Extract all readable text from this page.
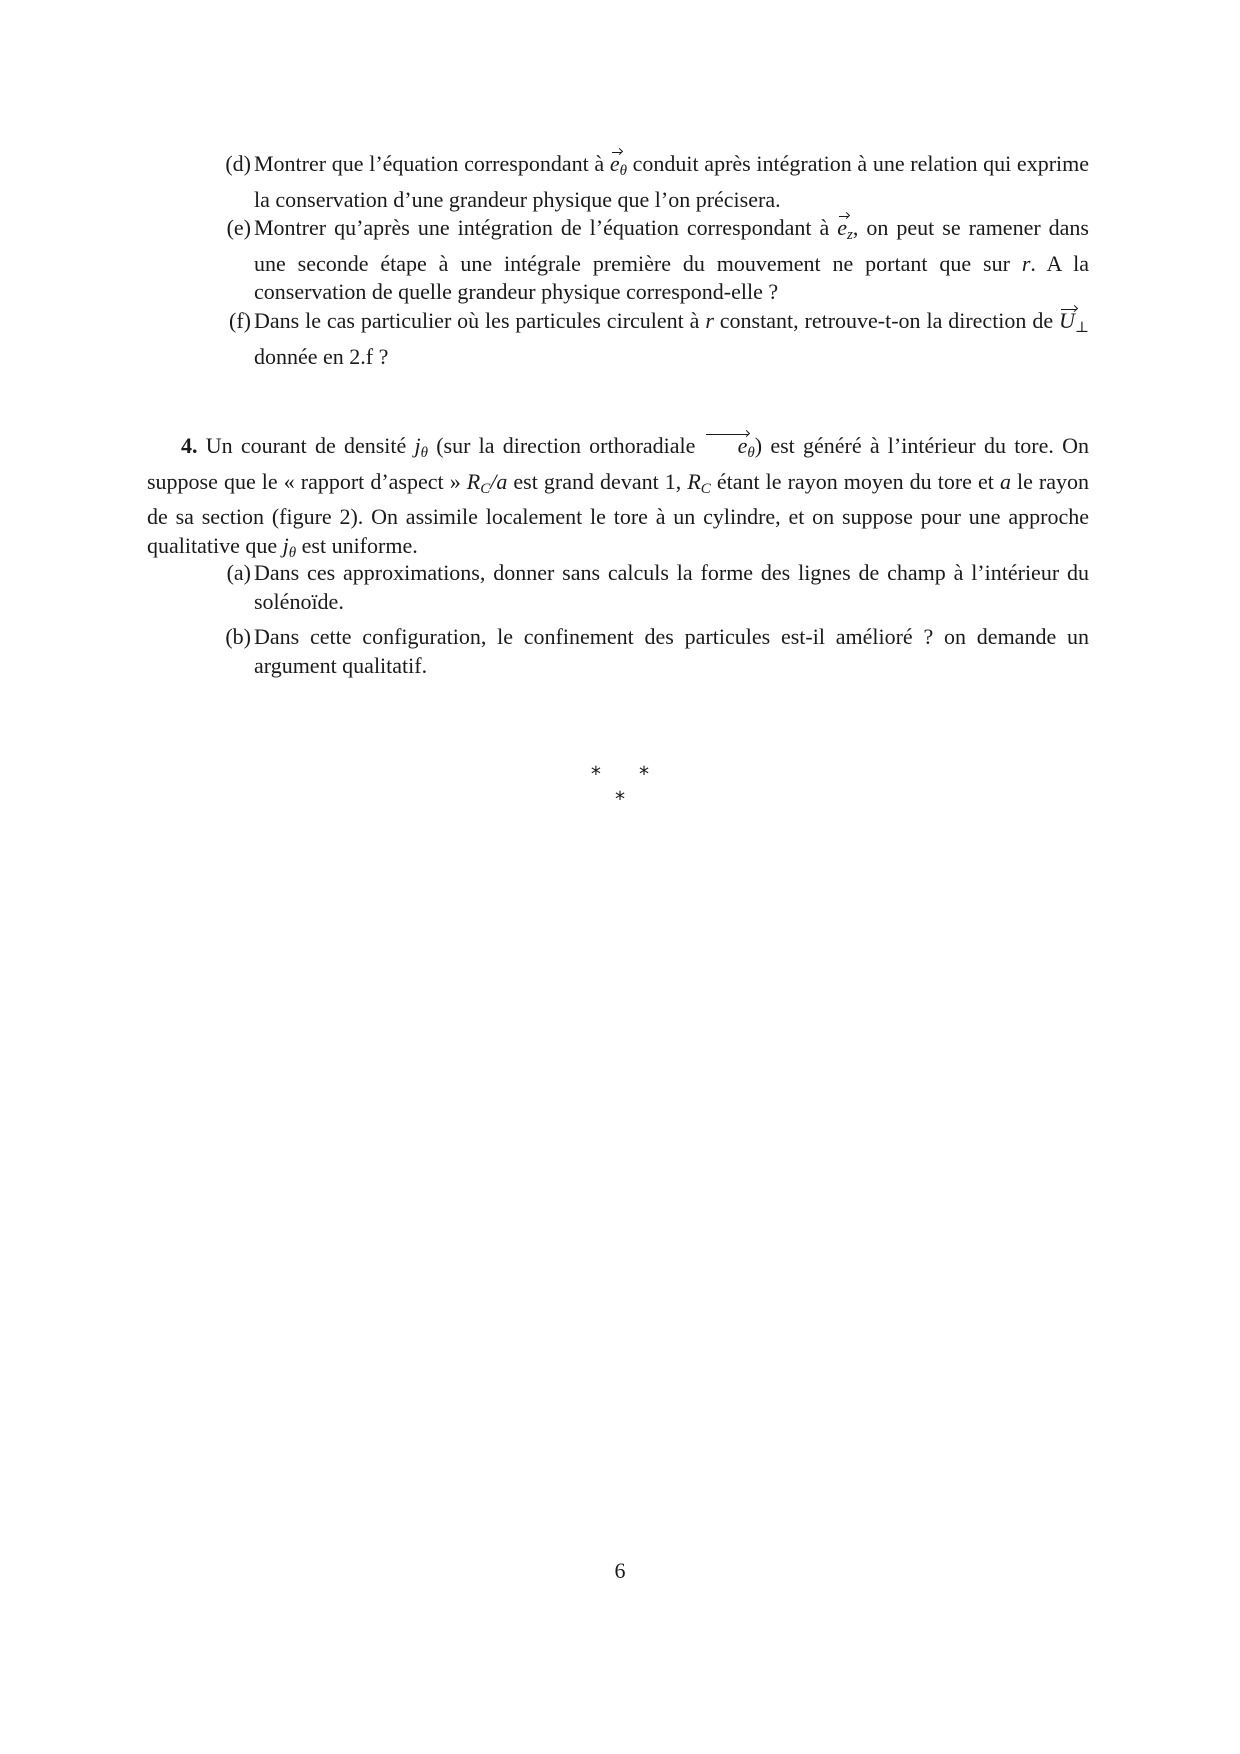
(d) Montrer que l’équation correspondant à $e_\theta$ conduit après intégration à une relation qui exprime la conservation d’une grandeur physique que l’on précisera.
(e) Montrer qu’après une intégration de l’équation correspondant à $e_z$, on peut se ramener dans une seconde étape à une intégrale première du mouvement ne portant que sur r. A la conservation de quelle grandeur physique correspond-elle ?
(f) Dans le cas particulier où les particules circulent à r constant, retrouve-t-on la direction de $U_\perp$ donnée en 2.f ?
4. Un courant de densité $j_\theta$ (sur la direction orthoradiale $e_\theta$) est généré à l’intérieur du tore. On suppose que le « rapport d’aspect » $R_C/a$ est grand devant 1, $R_C$ étant le rayon moyen du tore et a le rayon de sa section (figure 2). On assimile localement le tore à un cylindre, et on suppose pour une approche qualitative que $j_\theta$ est uniforme.
(a) Dans ces approximations, donner sans calculs la forme des lignes de champ à l’intérieur du solénoïde.
(b) Dans cette configuration, le confinement des particules est-il amélioré ? on demande un argument qualitatif.
*   *
*
6
